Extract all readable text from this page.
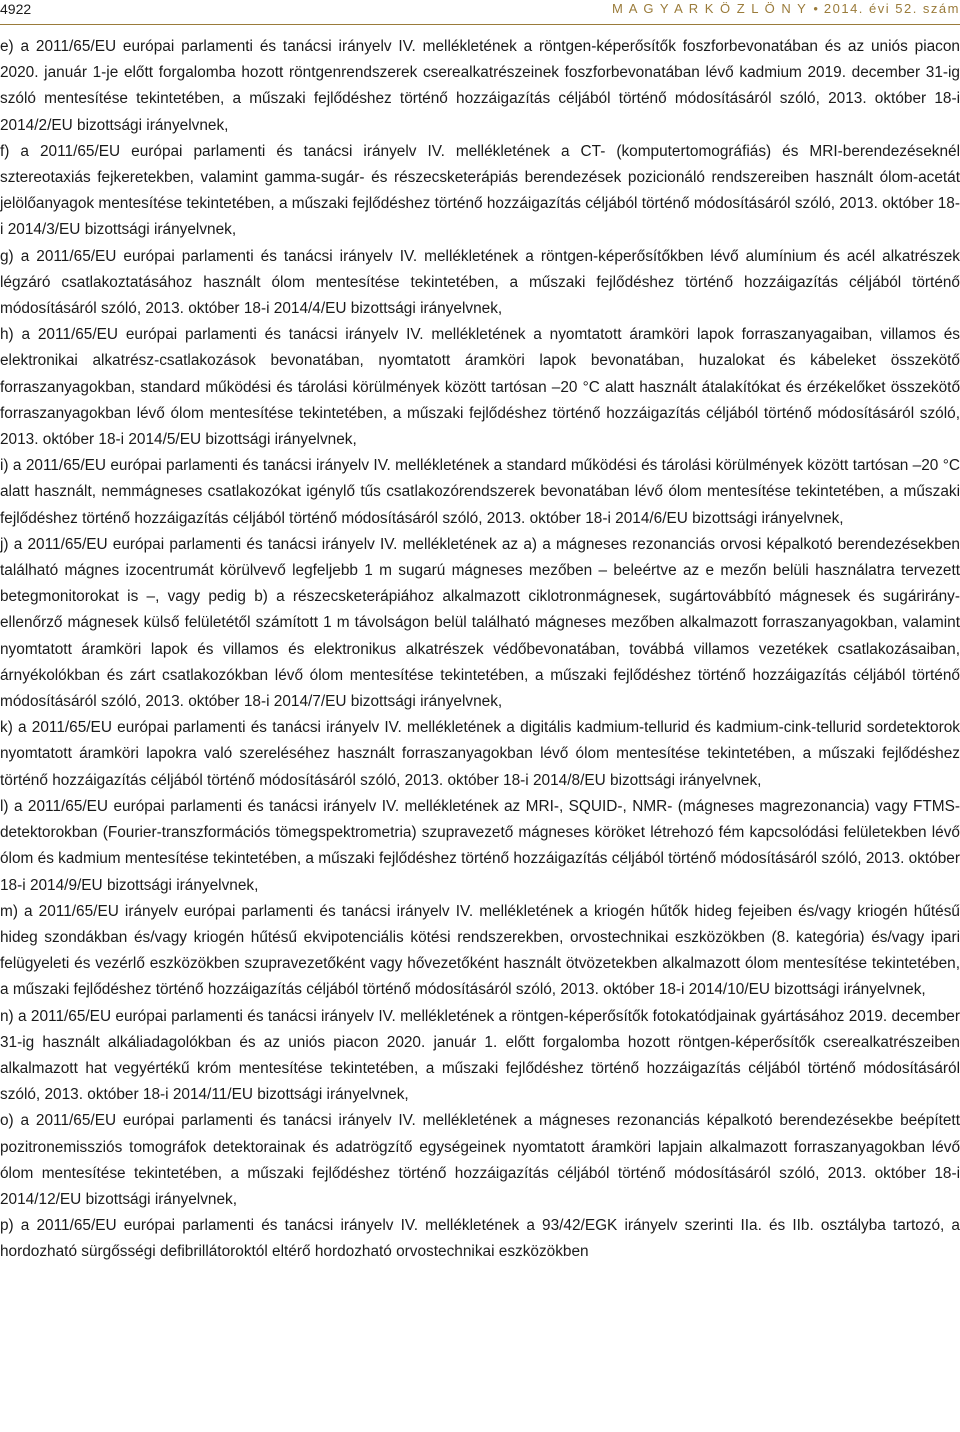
4922	M A G Y A R K Ö Z L Ö N Y • 2014. évi 52. szám

e) a 2011/65/EU európai parlamenti és tanácsi irányelv IV. mellékletének a röntgen-képerősítők foszforbevonatában és az uniós piacon 2020. január 1-je előtt forgalomba hozott röntgenrendszerek cserealkatrészeinek foszforbevonatában lévő kadmium 2019. december 31-ig szóló mentesítése tekintetében, a műszaki fejlődéshez történő hozzáigazítás céljából történő módosításáról szóló, 2013. október 18-i 2014/2/EU bizottsági irányelvnek,

f) a 2011/65/EU európai parlamenti és tanácsi irányelv IV. mellékletének a CT- (komputertomográfiás) és MRI-berendezéseknél sztereotaxiás fejkeretekben, valamint gamma-sugár- és részecsketerápiás berendezések pozicionáló rendszereiben használt ólom-acetát jelölőanyagok mentesítése tekintetében, a műszaki fejlődéshez történő hozzáigazítás céljából történő módosításáról szóló, 2013. október 18-i 2014/3/EU bizottsági irányelvnek,

g) a 2011/65/EU európai parlamenti és tanácsi irányelv IV. mellékletének a röntgen-képerősítőkben lévő alumínium és acél alkatrészek légzáró csatlakoztatásához használt ólom mentesítése tekintetében, a műszaki fejlődéshez történő hozzáigazítás céljából történő módosításáról szóló, 2013. október 18-i 2014/4/EU bizottsági irányelvnek,

h) a 2011/65/EU európai parlamenti és tanácsi irányelv IV. mellékletének a nyomtatott áramköri lapok forraszanyagaiban, villamos és elektronikai alkatrész-csatlakozások bevonatában, nyomtatott áramköri lapok bevonatában, huzalokat és kábeleket összekötő forraszanyagokban, standard működési és tárolási körülmények között tartósan –20 °C alatt használt átalakítókat és érzékelőket összekötő forraszanyagokban lévő ólom mentesítése tekintetében, a műszaki fejlődéshez történő hozzáigazítás céljából történő módosításáról szóló, 2013. október 18-i 2014/5/EU bizottsági irányelvnek,

i) a 2011/65/EU európai parlamenti és tanácsi irányelv IV. mellékletének a standard működési és tárolási körülmények között tartósan –20 °C alatt használt, nemmágneses csatlakozókat igénylő tűs csatlakozórendszerek bevonatában lévő ólom mentesítése tekintetében, a műszaki fejlődéshez történő hozzáigazítás céljából történő módosításáról szóló, 2013. október 18-i 2014/6/EU bizottsági irányelvnek,

j) a 2011/65/EU európai parlamenti és tanácsi irányelv IV. mellékletének az a) a mágneses rezonanciás orvosi képalkotó berendezésekben található mágnes izocentrumát körülvevő legfeljebb 1 m sugarú mágneses mezőben – beleértve az e mezőn belüli használatra tervezett betegmonitorokat is –, vagy pedig b) a részecsketerápiához alkalmazott ciklotronmágnesek, sugártovábbító mágnesek és sugárirány-ellenőrző mágnesek külső felületétől számított 1 m távolságon belül található mágneses mezőben alkalmazott forraszanyagokban, valamint nyomtatott áramköri lapok és villamos és elektronikus alkatrészek védőbevonatában, továbbá villamos vezetékek csatlakozásaiban, árnyékolókban és zárt csatlakozókban lévő ólom mentesítése tekintetében, a műszaki fejlődéshez történő hozzáigazítás céljából történő módosításáról szóló, 2013. október 18-i 2014/7/EU bizottsági irányelvnek,

k) a 2011/65/EU európai parlamenti és tanácsi irányelv IV. mellékletének a digitális kadmium-tellurid és kadmium-cink-tellurid sordetektorok nyomtatott áramköri lapokra való szereléséhez használt forraszanyagokban lévő ólom mentesítése tekintetében, a műszaki fejlődéshez történő hozzáigazítás céljából történő módosításáról szóló, 2013. október 18-i 2014/8/EU bizottsági irányelvnek,

l) a 2011/65/EU európai parlamenti és tanácsi irányelv IV. mellékletének az MRI-, SQUID-, NMR- (mágneses magrezonancia) vagy FTMS-detektorokban (Fourier-transzformációs tömegspektrometria) szupravezető mágneses köröket létrehozó fém kapcsolódási felületekben lévő ólom és kadmium mentesítése tekintetében, a műszaki fejlődéshez történő hozzáigazítás céljából történő módosításáról szóló, 2013. október 18-i 2014/9/EU bizottsági irányelvnek,

m) a 2011/65/EU irányelv európai parlamenti és tanácsi irányelv IV. mellékletének a kriogén hűtők hideg fejeiben és/vagy kriogén hűtésű hideg szondákban és/vagy kriogén hűtésű ekvipotenciális kötési rendszerekben, orvostechnikai eszközökben (8. kategória) és/vagy ipari felügyeleti és vezérlő eszközökben szupravezetőként vagy hővezetőként használt ötvözetekben alkalmazott ólom mentesítése tekintetében, a műszaki fejlődéshez történő hozzáigazítás céljából történő módosításáról szóló, 2013. október 18-i 2014/10/EU bizottsági irányelvnek,

n) a 2011/65/EU európai parlamenti és tanácsi irányelv IV. mellékletének a röntgen-képerősítők fotokatódjainak gyártásához 2019. december 31-ig használt alkáliadagolókban és az uniós piacon 2020. január 1. előtt forgalomba hozott röntgen-képerősítők cserealkatrészeiben alkalmazott hat vegyértékű króm mentesítése tekintetében, a műszaki fejlődéshez történő hozzáigazítás céljából történő módosításáról szóló, 2013. október 18-i 2014/11/EU bizottsági irányelvnek,

o) a 2011/65/EU európai parlamenti és tanácsi irányelv IV. mellékletének a mágneses rezonanciás képalkotó berendezésekbe beépített pozitronemissziós tomográfok detektorainak és adatrögzítő egységeinek nyomtatott áramköri lapjain alkalmazott forraszanyagokban lévő ólom mentesítése tekintetében, a műszaki fejlődéshez történő hozzáigazítás céljából történő módosításáról szóló, 2013. október 18-i 2014/12/EU bizottsági irányelvnek,

p) a 2011/65/EU európai parlamenti és tanácsi irányelv IV. mellékletének a 93/42/EGK irányelv szerinti IIa. és IIb. osztályba tartozó, a hordozható sürgősségi defibrillátoroktól eltérő hordozható orvostechnikai eszközökben
